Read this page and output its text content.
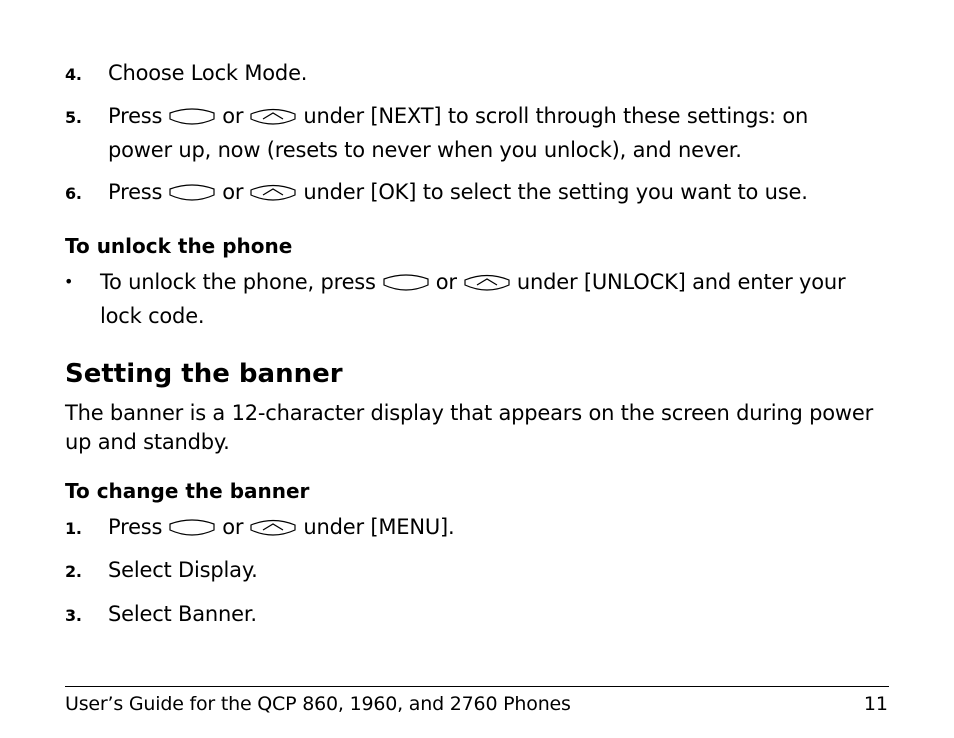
4.	Choose Lock Mode.
5.	Press	or	under [NEXT] to scroll through these settings: on
power up, now (resets to never when you unlock), and never.
6.	Press	or	under [OK] to select the setting you want to use.
To unlock the phone
• To unlock the phone, press	or	under [UNLOCK] and enter your
lock code.
Setting the banner
The banner is a 12-character display that appears on the screen during power up and standby.
To change the banner
1.	Press	or	under [MENU].
2.	Select Display.
3.	Select Banner.
User’s Guide for the QCP 860, 1960, and 2760 Phones	11
